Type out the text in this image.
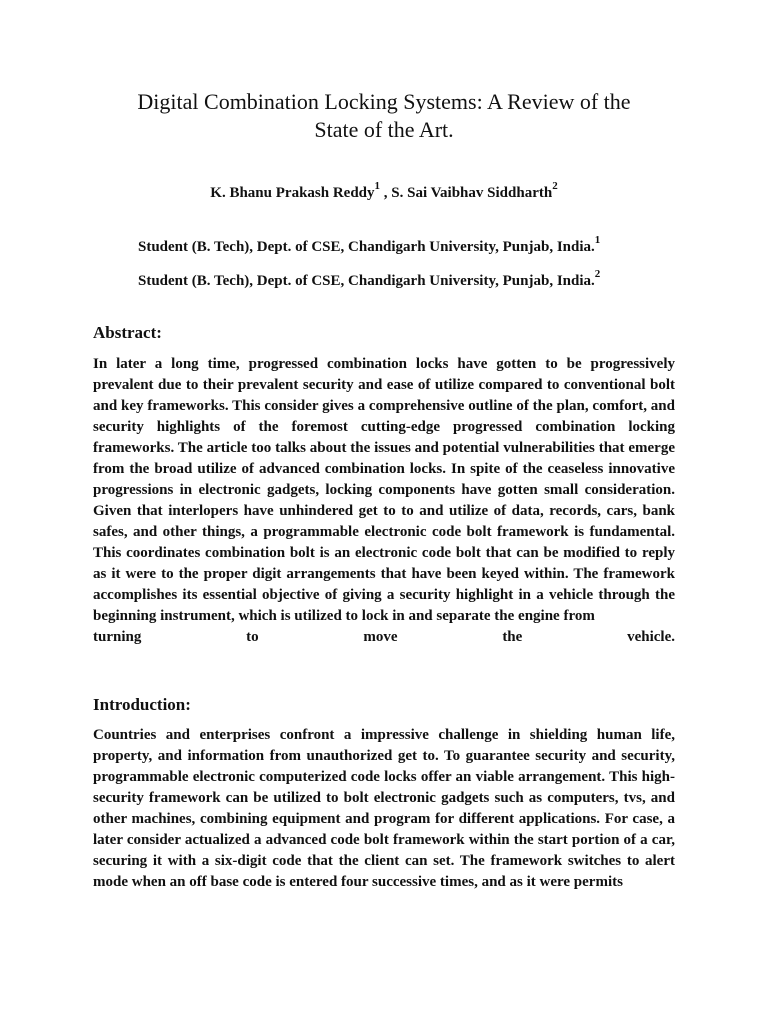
Digital Combination Locking Systems: A Review of the
State of the Art.
K. Bhanu Prakash Reddy$^1$ , S. Sai Vaibhav Siddharth$^2$
Student (B. Tech), Dept. of CSE, Chandigarh University, Punjab, India.$^1$
Student (B. Tech), Dept. of CSE, Chandigarh University, Punjab, India.$^2$
Abstract:
In later a long time, progressed combination locks have gotten to be progressively prevalent due to their prevalent security and ease of utilize compared to conventional bolt and key frameworks. This consider gives a comprehensive outline of the plan, comfort, and security highlights of the foremost cutting-edge progressed combination locking frameworks. The article too talks about the issues and potential vulnerabilities that emerge from the broad utilize of advanced combination locks. In spite of the ceaseless innovative progressions in electronic gadgets, locking components have gotten small consideration. Given that interlopers have unhindered get to to and utilize of data, records, cars, bank safes, and other things, a programmable electronic code bolt framework is fundamental. This coordinates combination bolt is an electronic code bolt that can be modified to reply as it were to the proper digit arrangements that have been keyed within. The framework accomplishes its essential objective of giving a security highlight in a vehicle through the beginning instrument, which is utilized to lock in and separate the engine from
turning	to	move	the	vehicle.
Introduction:

Countries and enterprises confront a impressive challenge in shielding human life, property, and information from unauthorized get to. To guarantee security and security, programmable electronic computerized code locks offer an viable arrangement. This high-security framework can be utilized to bolt electronic gadgets such as computers, tvs, and other machines, combining equipment and program for different applications. For case, a later consider actualized a advanced code bolt framework within the start portion of a car, securing it with a six-digit code that the client can set. The framework switches to alert mode when an off base code is entered four successive times, and as it were permits
